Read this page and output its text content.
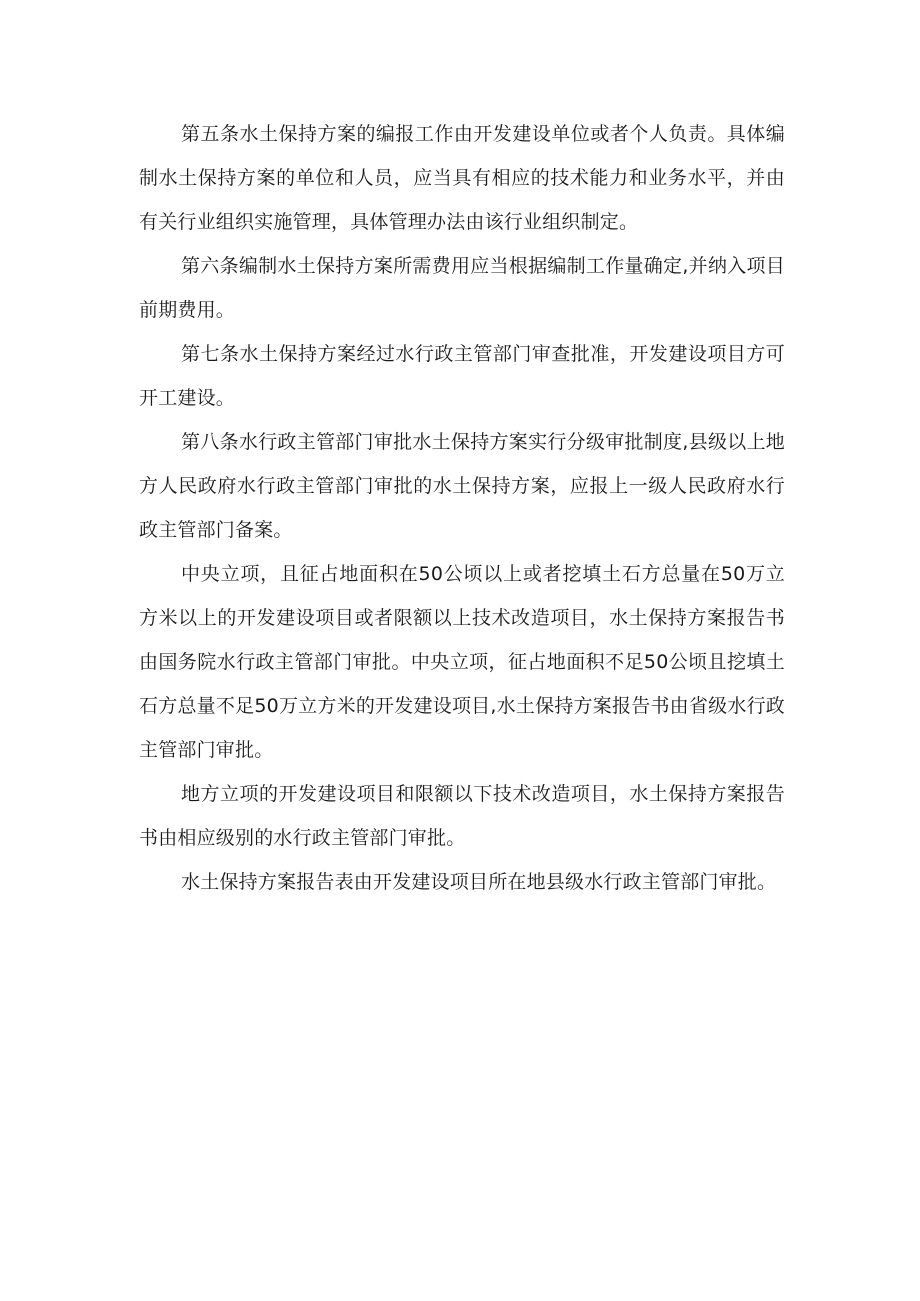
第五条水土保持方案的编报工作由开发建设单位或者个人负责。具体编制水土保持方案的单位和人员，应当具有相应的技术能力和业务水平，并由有关行业组织实施管理，具体管理办法由该行业组织制定。

第六条编制水土保持方案所需费用应当根据编制工作量确定,并纳入项目前期费用。

第七条水土保持方案经过水行政主管部门审查批准，开发建设项目方可开工建设。

第八条水行政主管部门审批水土保持方案实行分级审批制度,县级以上地方人民政府水行政主管部门审批的水土保持方案，应报上一级人民政府水行政主管部门备案。

中央立项，且征占地面积在50公顷以上或者挖填土石方总量在50万立方米以上的开发建设项目或者限额以上技术改造项目，水土保持方案报告书由国务院水行政主管部门审批。中央立项，征占地面积不足50公顷且挖填土石方总量不足50万立方米的开发建设项目,水土保持方案报告书由省级水行政主管部门审批。

地方立项的开发建设项目和限额以下技术改造项目，水土保持方案报告书由相应级别的水行政主管部门审批。

水土保持方案报告表由开发建设项目所在地县级水行政主管部门审批。
